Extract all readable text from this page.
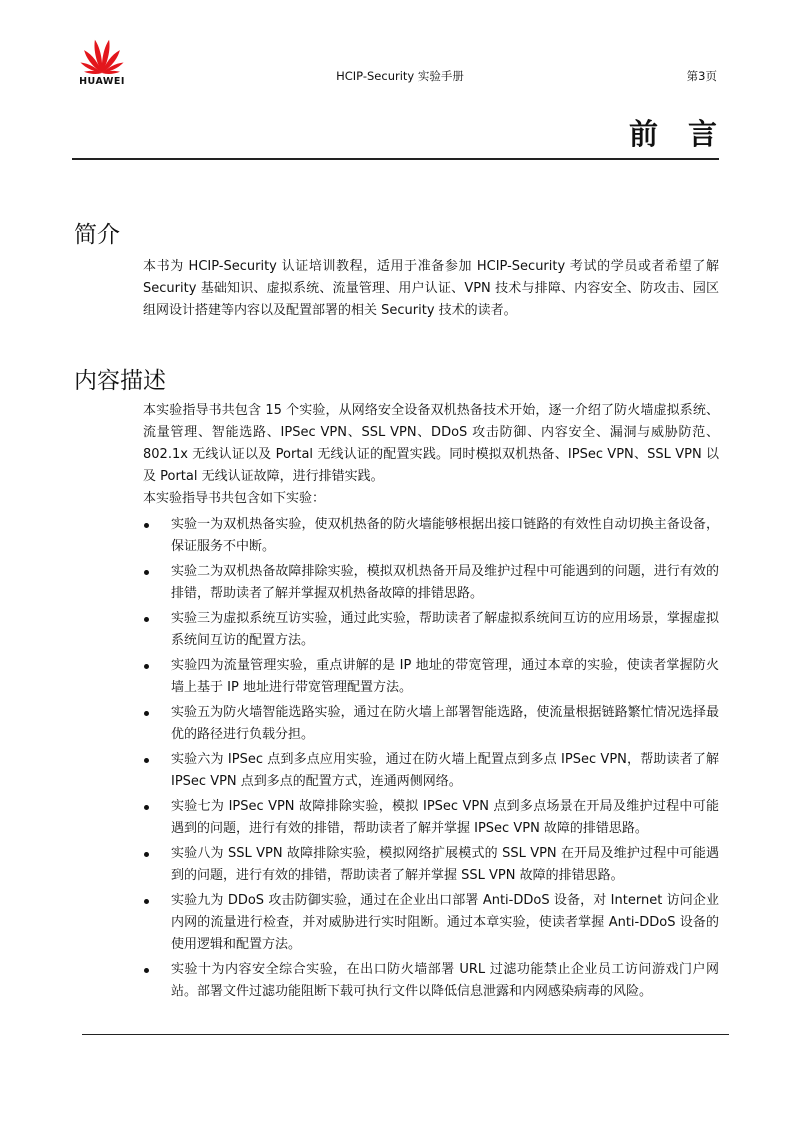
HUAWEI	HCIP-Security 实验手册	第3页
前言
简介

本书为 HCIP-Security 认证培训教程，适用于准备参加 HCIP-Security 考试的学员或者希望了解 Security 基础知识、虚拟系统、流量管理、用户认证、VPN 技术与排障、内容安全、防攻击、园区组网设计搭建等内容以及配置部署的相关 Security 技术的读者。

内容描述

本实验指导书共包含 15 个实验，从网络安全设备双机热备技术开始，逐一介绍了防火墙虚拟系统、流量管理、智能选路、IPSec VPN、SSL VPN、DDoS 攻击防御、内容安全、漏洞与威胁防范、802.1x 无线认证以及 Portal 无线认证的配置实践。同时模拟双机热备、IPSec VPN、SSL VPN 以及 Portal 无线认证故障，进行排错实践。

本实验指导书共包含如下实验：

实验一为双机热备实验，使双机热备的防火墙能够根据出接口链路的有效性自动切换主备设备，保证服务不中断。
实验二为双机热备故障排除实验，模拟双机热备开局及维护过程中可能遇到的问题，进行有效的排错，帮助读者了解并掌握双机热备故障的排错思路。
实验三为虚拟系统互访实验，通过此实验，帮助读者了解虚拟系统间互访的应用场景，掌握虚拟系统间互访的配置方法。
实验四为流量管理实验，重点讲解的是 IP 地址的带宽管理，通过本章的实验，使读者掌握防火墙上基于 IP 地址进行带宽管理配置方法。
实验五为防火墙智能选路实验，通过在防火墙上部署智能选路，使流量根据链路繁忙情况选择最优的路径进行负载分担。
实验六为 IPSec 点到多点应用实验，通过在防火墙上配置点到多点 IPSec VPN，帮助读者了解 IPSec VPN 点到多点的配置方式，连通两侧网络。
实验七为 IPSec VPN 故障排除实验，模拟 IPSec VPN 点到多点场景在开局及维护过程中可能遇到的问题，进行有效的排错，帮助读者了解并掌握 IPSec VPN 故障的排错思路。
实验八为 SSL VPN 故障排除实验，模拟网络扩展模式的 SSL VPN 在开局及维护过程中可能遇到的问题，进行有效的排错，帮助读者了解并掌握 SSL VPN 故障的排错思路。
实验九为 DDoS 攻击防御实验，通过在企业出口部署 Anti-DDoS 设备，对 Internet 访问企业内网的流量进行检查，并对威胁进行实时阻断。通过本章实验，使读者掌握 Anti-DDoS 设备的使用逻辑和配置方法。
实验十为内容安全综合实验，在出口防火墙部署 URL 过滤功能禁止企业员工访问游戏门户网站。部署文件过滤功能阻断下载可执行文件以降低信息泄露和内网感染病毒的风险。
